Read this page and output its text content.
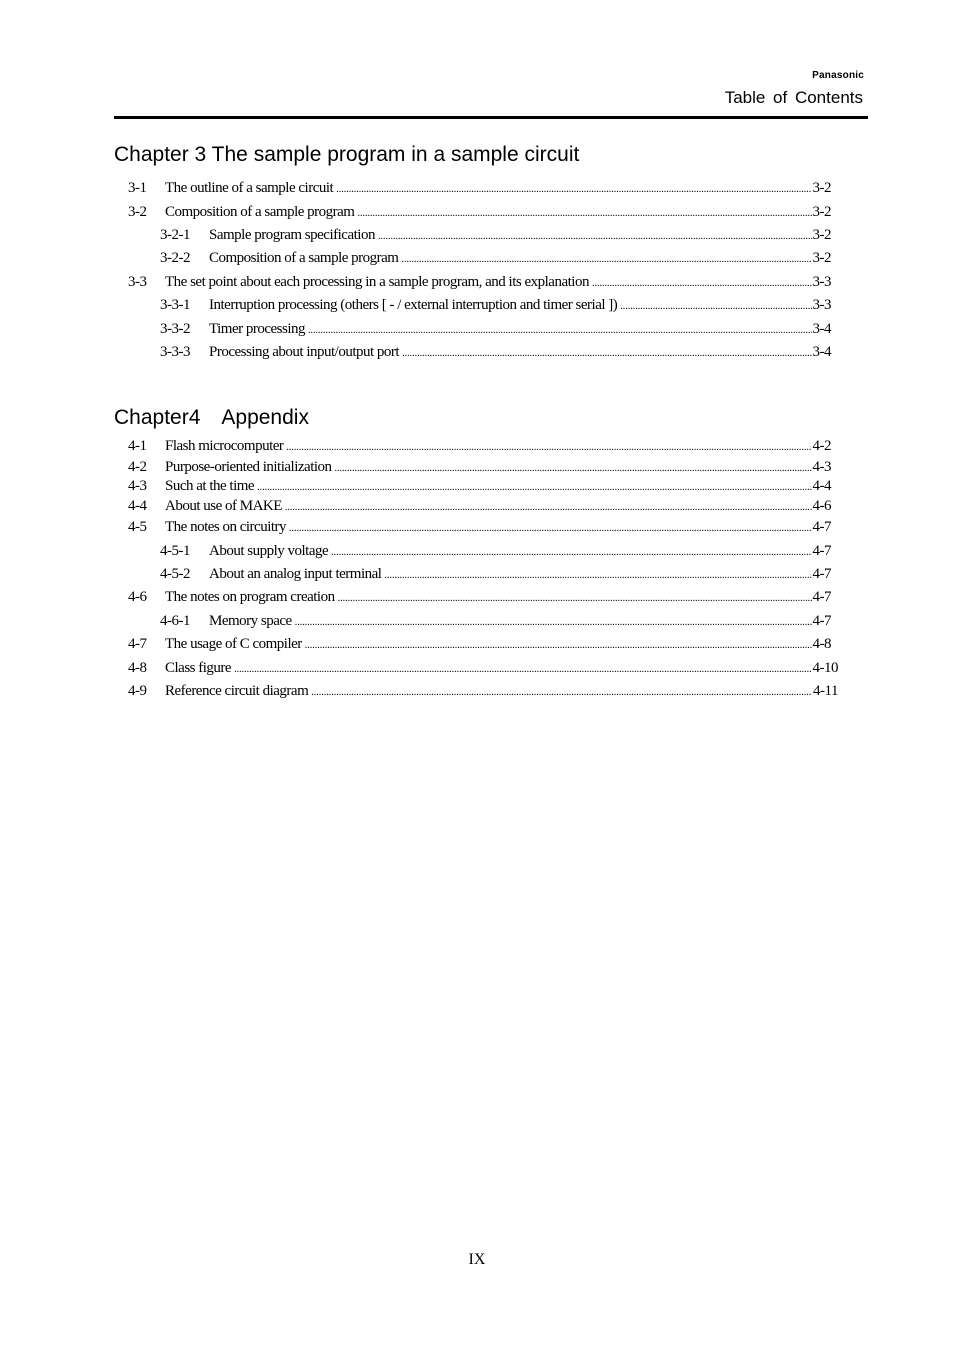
Panasonic
Table of Contents
Chapter 3 The sample program in a sample circuit
3-1	The outline of a sample circuit .....	3-2
3-2	Composition of a sample program .....	3-2
3-2-1	Sample program specification .....	3-2
3-2-2	Composition of a sample program .....	3-2
3-3	The set point about each processing in a sample program, and its explanation .....	3-3
3-3-1	Interruption processing (others [ - / external interruption and timer serial ]) .....	3-3
3-3-2	Timer processing .....	3-4
3-3-3	Processing about input/output port .....	3-4
Chapter4　Appendix
4-1	Flash microcomputer .....	4-2
4-2	Purpose-oriented initialization .....	4-3
4-3	Such at the time .....	4-4
4-4	About use of MAKE .....	4-6
4-5	The notes on circuitry .....	4-7
4-5-1	About supply voltage .....	4-7
4-5-2	About an analog input terminal .....	4-7
4-6	The notes on program creation .....	4-7
4-6-1	Memory space .....	4-7
4-7	The usage of C compiler .....	4-8
4-8	Class figure .....	4-10
4-9	Reference circuit diagram .....	4-11
IX
